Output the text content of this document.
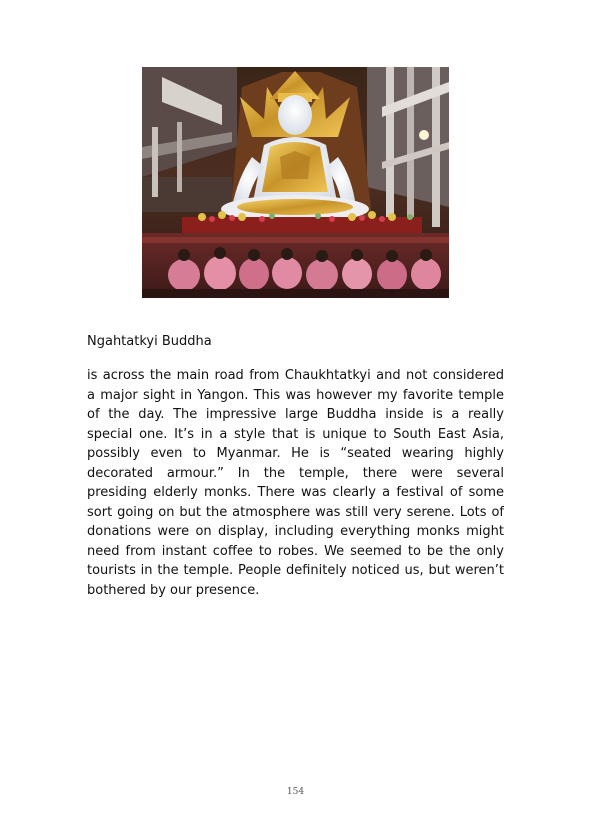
Ngahtatkyi Buddha
is across the main road from Chaukhtatkyi and not considered
a major sight in Yangon. This was however my favorite temple
of the day. The impressive large Buddha inside is a really
special one. It’s in a style that is unique to South East Asia,
possibly even to Myanmar. He is “seated wearing highly
decorated armour.” In the temple, there were several
presiding elderly monks. There was clearly a festival of some
sort going on but the atmosphere was still very serene. Lots of
donations were on display, including everything monks might
need from instant coffee to robes. We seemed to be the only
tourists in the temple. People definitely noticed us, but weren’t
bothered by our presence.
154
